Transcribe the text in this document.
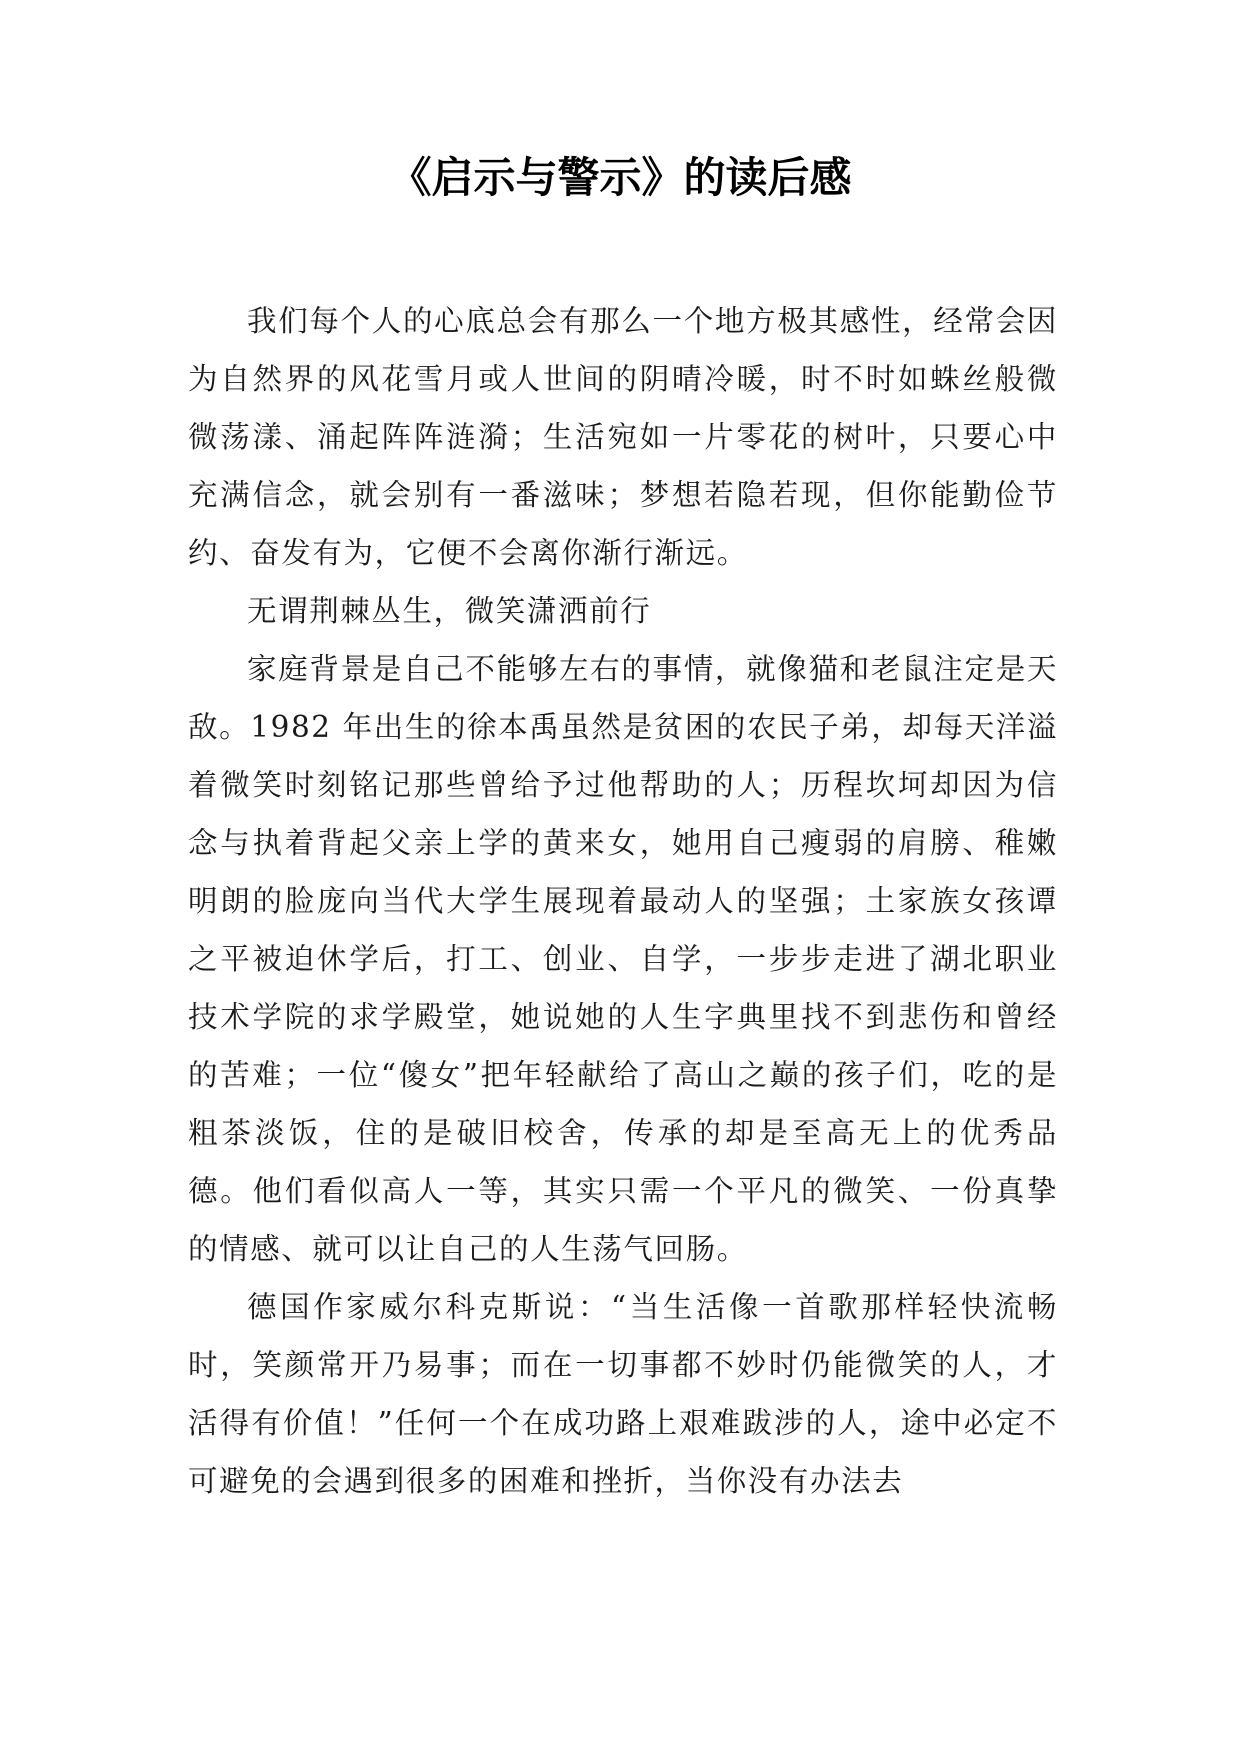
《启示与警示》的读后感

我们每个人的心底总会有那么一个地方极其感性，经常会因为自然界的风花雪月或人世间的阴晴冷暖，时不时如蛛丝般微微荡漾、涌起阵阵涟漪；生活宛如一片零花的树叶，只要心中充满信念，就会别有一番滋味；梦想若隐若现，但你能勤俭节约、奋发有为，它便不会离你渐行渐远。

无谓荆棘丛生，微笑潇洒前行

家庭背景是自己不能够左右的事情，就像猫和老鼠注定是天敌。1982 年出生的徐本禹虽然是贫困的农民子弟，却每天洋溢着微笑时刻铭记那些曾给予过他帮助的人；历程坎坷却因为信念与执着背起父亲上学的黄来女，她用自己瘦弱的肩膀、稚嫩明朗的脸庞向当代大学生展现着最动人的坚强；土家族女孩谭之平被迫休学后，打工、创业、自学，一步步走进了湖北职业技术学院的求学殿堂，她说她的人生字典里找不到悲伤和曾经的苦难；一位“傻女”把年轻献给了高山之巅的孩子们，吃的是粗茶淡饭，住的是破旧校舍，传承的却是至高无上的优秀品德。他们看似高人一等，其实只需一个平凡的微笑、一份真挚的情感、就可以让自己的人生荡气回肠。

德国作家威尔科克斯说：“当生活像一首歌那样轻快流畅时，笑颜常开乃易事；而在一切事都不妙时仍能微笑的人，才活得有价值！”任何一个在成功路上艰难跋涉的人，途中必定不可避免的会遇到很多的困难和挫折，当你没有办法去
